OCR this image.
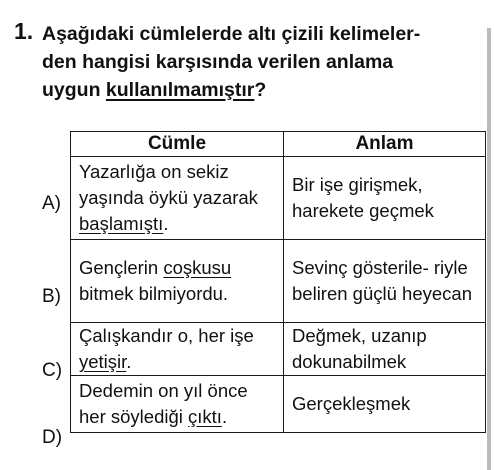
1. Aşağıdaki cümlelerde altı çizili kelimeler-
den hangisi karşısında verilen anlama
uygun kullanılmamıştır?
A)
B)
C)
D)
Cümle	Anlam
Yazarlığa on sekiz yaşında öykü yazarak başlamıştı.	Bir işe girişmek, harekete geçmek
Gençlerin coşkusu bitmek bilmiyordu.	Sevinç gösterile- riyle beliren güçlü heyecan
Çalışkandır o, her işe yetişir.	Değmek, uzanıp dokunabilmek
Dedemin on yıl önce her söylediği çıktı.	Gerçekleşmek
